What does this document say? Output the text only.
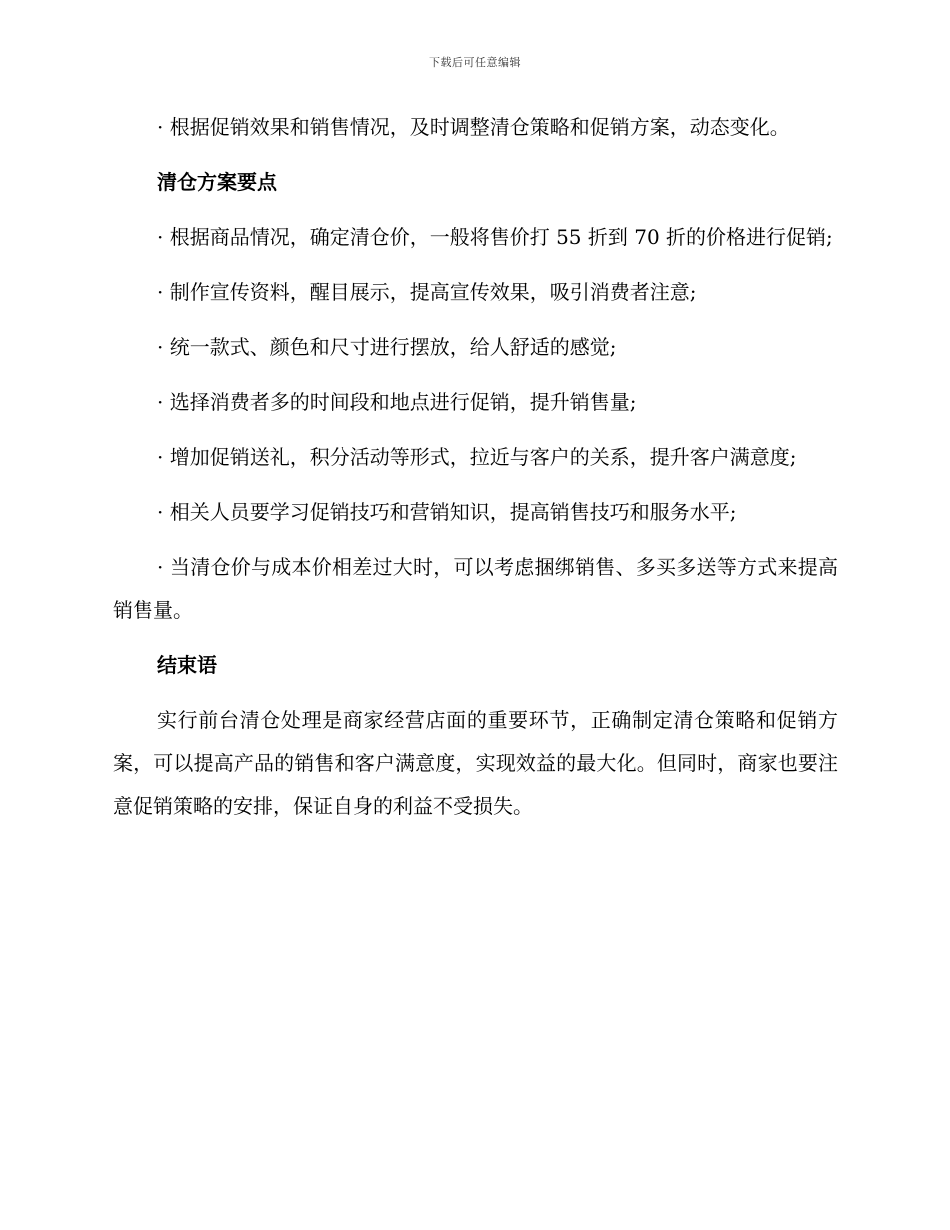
下载后可任意编辑

· 根据促销效果和销售情况，及时调整清仓策略和促销方案，动态变化。

清仓方案要点

· 根据商品情况，确定清仓价，一般将售价打 55 折到 70 折的价格进行促销;

· 制作宣传资料，醒目展示，提高宣传效果，吸引消费者注意;

· 统一款式、颜色和尺寸进行摆放，给人舒适的感觉;

· 选择消费者多的时间段和地点进行促销，提升销售量;

· 增加促销送礼，积分活动等形式，拉近与客户的关系，提升客户满意度;

· 相关人员要学习促销技巧和营销知识，提高销售技巧和服务水平;

· 当清仓价与成本价相差过大时，可以考虑捆绑销售、多买多送等方式来提高销售量。

结束语

实行前台清仓处理是商家经营店面的重要环节，正确制定清仓策略和促销方案，可以提高产品的销售和客户满意度，实现效益的最大化。但同时，商家也要注意促销策略的安排，保证自身的利益不受损失。
